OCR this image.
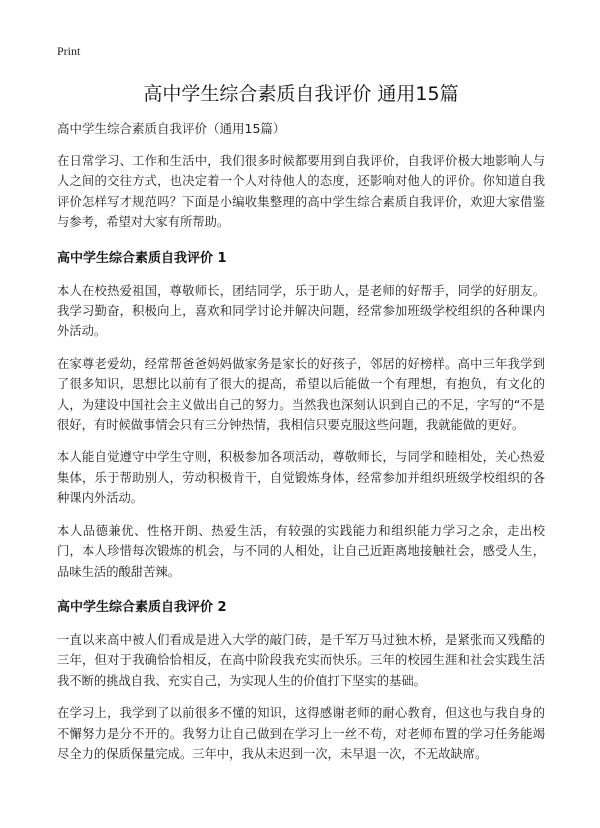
Print
高中学生综合素质自我评价 通用15篇

高中学生综合素质自我评价（通用15篇）

在日常学习、工作和生活中，我们很多时候都要用到自我评价，自我评价极大地影响人与人之间的交往方式，也决定着一个人对待他人的态度，还影响对他人的评价。你知道自我评价怎样写才规范吗？下面是小编收集整理的高中学生综合素质自我评价，欢迎大家借鉴与参考，希望对大家有所帮助。

高中学生综合素质自我评价 1

本人在校热爱祖国，尊敬师长，团结同学，乐于助人，是老师的好帮手，同学的好朋友。我学习勤奋，积极向上，喜欢和同学讨论并解决问题，经常参加班级学校组织的各种课内外活动。

在家尊老爱幼，经常帮爸爸妈妈做家务是家长的好孩子，邻居的好榜样。高中三年我学到了很多知识，思想比以前有了很大的提高，希望以后能做一个有理想，有抱负，有文化的人，为建设中国社会主义做出自己的努力。当然我也深刻认识到自己的不足，字写的“不是很好，有时候做事情会只有三分钟热情，我相信只要克服这些问题，我就能做的更好。

本人能自觉遵守中学生守则，积极参加各项活动，尊敬师长，与同学和睦相处，关心热爱集体，乐于帮助别人，劳动积极肯干，自觉锻炼身体，经常参加并组织班级学校组织的各种课内外活动。

本人品德兼优、性格开朗、热爱生活，有较强的实践能力和组织能力学习之余，走出校门，本人珍惜每次锻炼的机会，与不同的人相处，让自己近距离地接触社会，感受人生，品味生活的酸甜苦辣。

高中学生综合素质自我评价 2

一直以来高中被人们看成是进入大学的敲门砖，是千军万马过独木桥，是紧张而又残酷的三年，但对于我确恰恰相反，在高中阶段我充实而快乐。三年的校园生涯和社会实践生活我不断的挑战自我、充实自己，为实现人生的价值打下坚实的基础。

在学习上，我学到了以前很多不懂的知识，这得感谢老师的耐心教育，但这也与我自身的不懈努力是分不开的。我努力让自己做到在学习上一丝不苟，对老师布置的学习任务能竭尽全力的保质保量完成。三年中，我从未迟到一次，未早退一次，不无故缺席。
